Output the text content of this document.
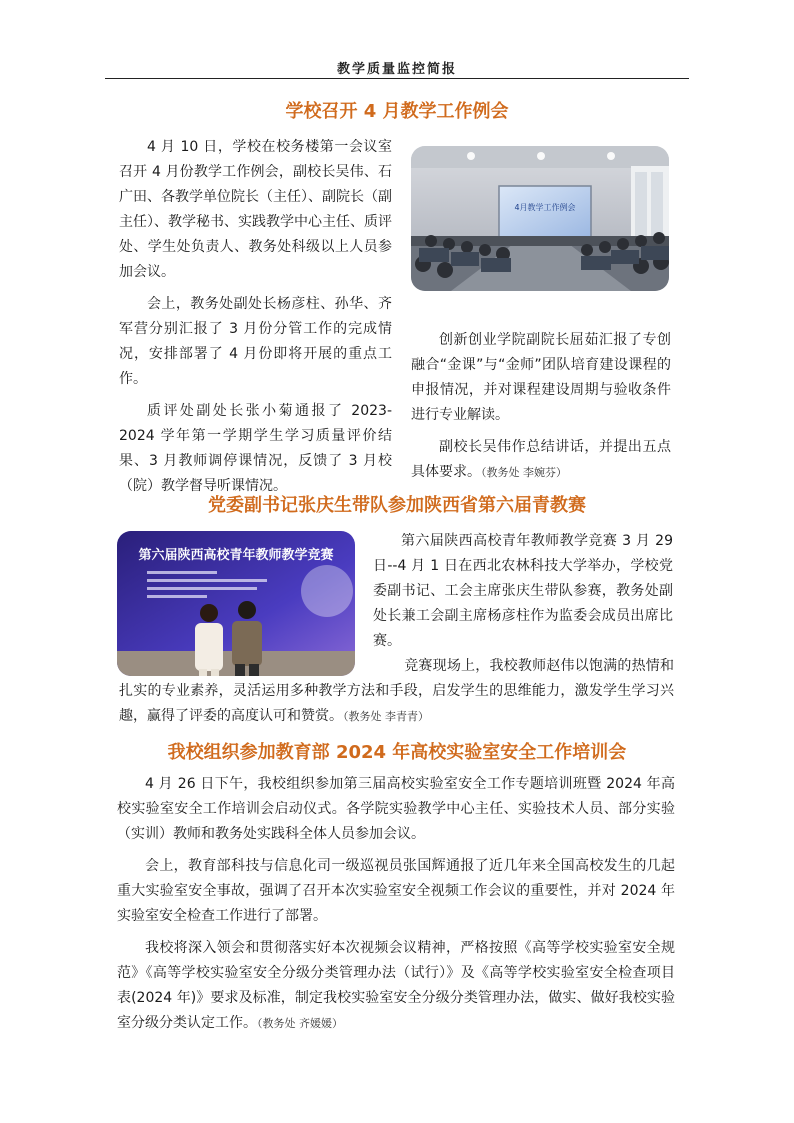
教学质量监控简报
学校召开 4 月教学工作例会

4 月 10 日，学校在校务楼第一会议室召开 4 月份教学工作例会，副校长吴伟、石广田、各教学单位院长（主任）、副院长（副主任）、教学秘书、实践教学中心主任、质评处、学生处负责人、教务处科级以上人员参加会议。

会上，教务处副处长杨彦柱、孙华、齐军营分别汇报了 3 月份分管工作的完成情况，安排部署了 4 月份即将开展的重点工作。

质评处副处长张小菊通报了 2023-2024 学年第一学期学生学习质量评价结果、3 月教师调停课情况，反馈了 3 月校（院）教学督导听课情况。

4月教学工作例会

创新创业学院副院长屈茹汇报了专创融合“金课”与“金师”团队培育建设课程的申报情况，并对课程建设周期与验收条件进行专业解读。

副校长吴伟作总结讲话，并提出五点具体要求。（教务处 李婉芬）

党委副书记张庆生带队参加陕西省第六届青教赛
第六届陕西高校青年教师教学竞赛

第六届陕西高校青年教师教学竞赛 3 月 29 日--4 月 1 日在西北农林科技大学举办，学校党委副书记、工会主席张庆生带队参赛，教务处副处长兼工会副主席杨彦柱作为监委会成员出席比赛。

竞赛现场上，我校教师赵伟以饱满的热情和扎实的专业素养，灵活运用多种教学方法和手段，启发学生的思维能力，激发学生学习兴趣，赢得了评委的高度认可和赞赏。（教务处 李青青）

我校组织参加教育部 2024 年高校实验室安全工作培训会

4 月 26 日下午，我校组织参加第三届高校实验室安全工作专题培训班暨 2024 年高校实验室安全工作培训会启动仪式。各学院实验教学中心主任、实验技术人员、部分实验（实训）教师和教务处实践科全体人员参加会议。

会上，教育部科技与信息化司一级巡视员张国辉通报了近几年来全国高校发生的几起重大实验室安全事故，强调了召开本次实验室安全视频工作会议的重要性，并对 2024 年实验室安全检查工作进行了部署。

我校将深入领会和贯彻落实好本次视频会议精神，严格按照《高等学校实验室安全规范》《高等学校实验室安全分级分类管理办法（试行）》及《高等学校实验室安全检查项目表(2024 年)》要求及标准，制定我校实验室安全分级分类管理办法，做实、做好我校实验室分级分类认定工作。（教务处 齐媛媛）
